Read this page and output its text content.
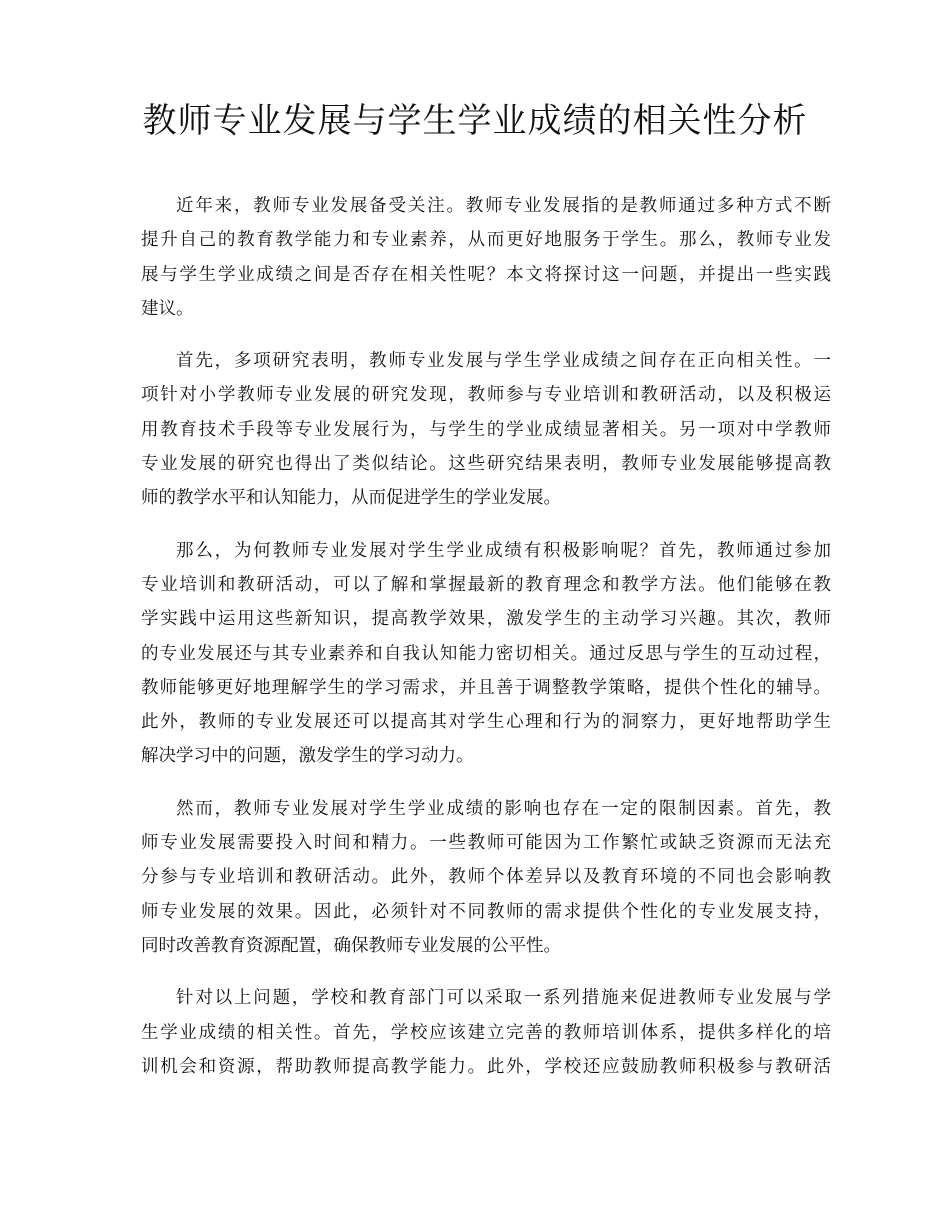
教师专业发展与学生学业成绩的相关性分析

近年来，教师专业发展备受关注。教师专业发展指的是教师通过多种方式不断
提升自己的教育教学能力和专业素养，从而更好地服务于学生。那么，教师专业发
展与学生学业成绩之间是否存在相关性呢？本文将探讨这一问题，并提出一些实践
建议。

首先，多项研究表明，教师专业发展与学生学业成绩之间存在正向相关性。一
项针对小学教师专业发展的研究发现，教师参与专业培训和教研活动，以及积极运
用教育技术手段等专业发展行为，与学生的学业成绩显著相关。另一项对中学教师
专业发展的研究也得出了类似结论。这些研究结果表明，教师专业发展能够提高教
师的教学水平和认知能力，从而促进学生的学业发展。

那么，为何教师专业发展对学生学业成绩有积极影响呢？首先，教师通过参加
专业培训和教研活动，可以了解和掌握最新的教育理念和教学方法。他们能够在教
学实践中运用这些新知识，提高教学效果，激发学生的主动学习兴趣。其次，教师
的专业发展还与其专业素养和自我认知能力密切相关。通过反思与学生的互动过程，
教师能够更好地理解学生的学习需求，并且善于调整教学策略，提供个性化的辅导。
此外，教师的专业发展还可以提高其对学生心理和行为的洞察力，更好地帮助学生
解决学习中的问题，激发学生的学习动力。

然而，教师专业发展对学生学业成绩的影响也存在一定的限制因素。首先，教
师专业发展需要投入时间和精力。一些教师可能因为工作繁忙或缺乏资源而无法充
分参与专业培训和教研活动。此外，教师个体差异以及教育环境的不同也会影响教
师专业发展的效果。因此，必须针对不同教师的需求提供个性化的专业发展支持，
同时改善教育资源配置，确保教师专业发展的公平性。

针对以上问题，学校和教育部门可以采取一系列措施来促进教师专业发展与学
生学业成绩的相关性。首先，学校应该建立完善的教师培训体系，提供多样化的培
训机会和资源，帮助教师提高教学能力。此外，学校还应鼓励教师积极参与教研活
